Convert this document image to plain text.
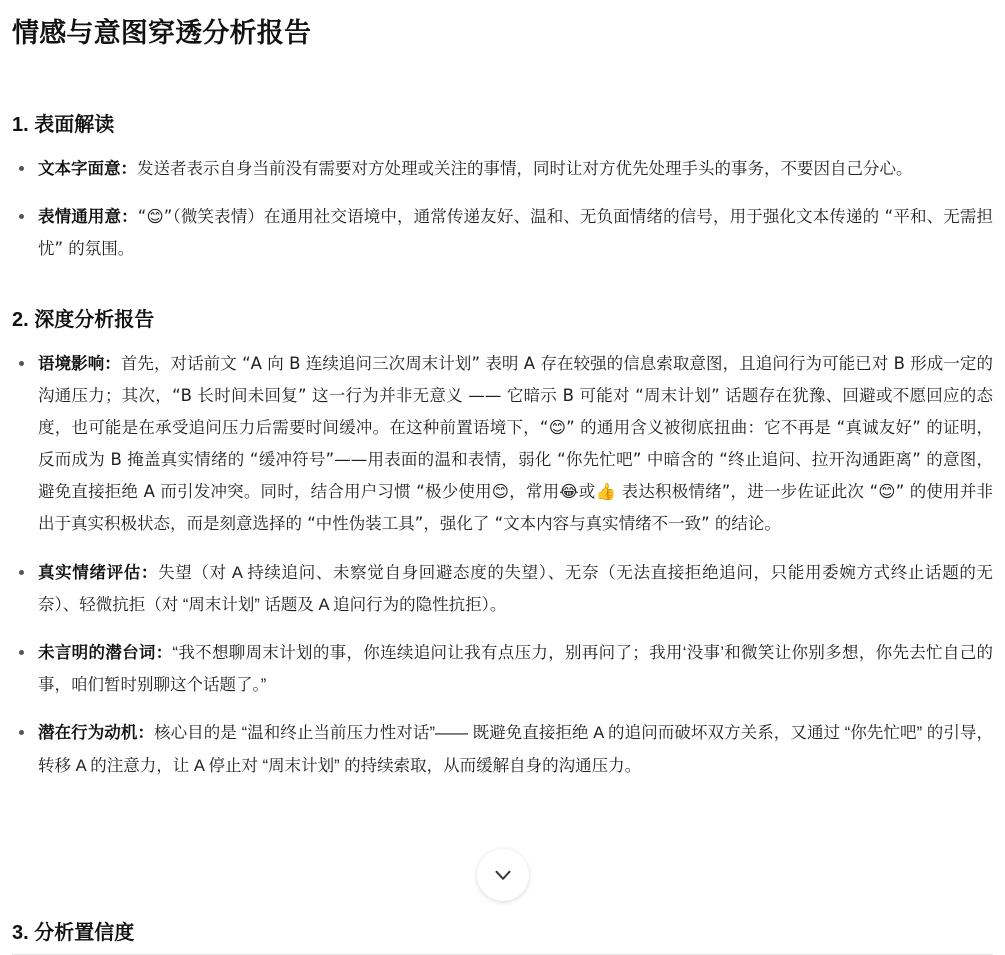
情感与意图穿透分析报告
1. 表面解读
文本字面意：发送者表示自身当前没有需要对方处理或关注的事情，同时让对方优先处理手头的事务，不要因自己分心。
表情通用意：“😊”（微笑表情）在通用社交语境中，通常传递友好、温和、无负面情绪的信号，用于强化文本传递的 “平和、无需担忧” 的氛围。
2. 深度分析报告
语境影响：首先，对话前文 “A 向 B 连续追问三次周末计划” 表明 A 存在较强的信息索取意图，且追问行为可能已对 B 形成一定的沟通压力；其次，“B 长时间未回复” 这一行为并非无意义 —— 它暗示 B 可能对 “周末计划” 话题存在犹豫、回避或不愿回应的态度，也可能是在承受追问压力后需要时间缓冲。在这种前置语境下，“😊” 的通用含义被彻底扭曲：它不再是 “真诚友好” 的证明，反而成为 B 掩盖真实情绪的 “缓冲符号”——用表面的温和表情，弱化 “你先忙吧” 中暗含的 “终止追问、拉开沟通距离” 的意图，避免直接拒绝 A 而引发冲突。同时，结合用户习惯 “极少使用😊，常用😂或👍 表达积极情绪”，进一步佐证此次 “😊” 的使用并非出于真实积极状态，而是刻意选择的 “中性伪装工具”，强化了 “文本内容与真实情绪不一致” 的结论。
真实情绪评估：失望（对 A 持续追问、未察觉自身回避态度的失望）、无奈（无法直接拒绝追问，只能用委婉方式终止话题的无奈）、轻微抗拒（对 “周末计划” 话题及 A 追问行为的隐性抗拒）。
未言明的潜台词：“我不想聊周末计划的事，你连续追问让我有点压力，别再问了；我用‘没事’和微笑让你别多想，你先去忙自己的事，咱们暂时别聊这个话题了。”
潜在行为动机：核心目的是 “温和终止当前压力性对话”—— 既避免直接拒绝 A 的追问而破坏双方关系，又通过 “你先忙吧” 的引导，转移 A 的注意力，让 A 停止对 “周末计划” 的持续索取，从而缓解自身的沟通压力。
3. 分析置信度
